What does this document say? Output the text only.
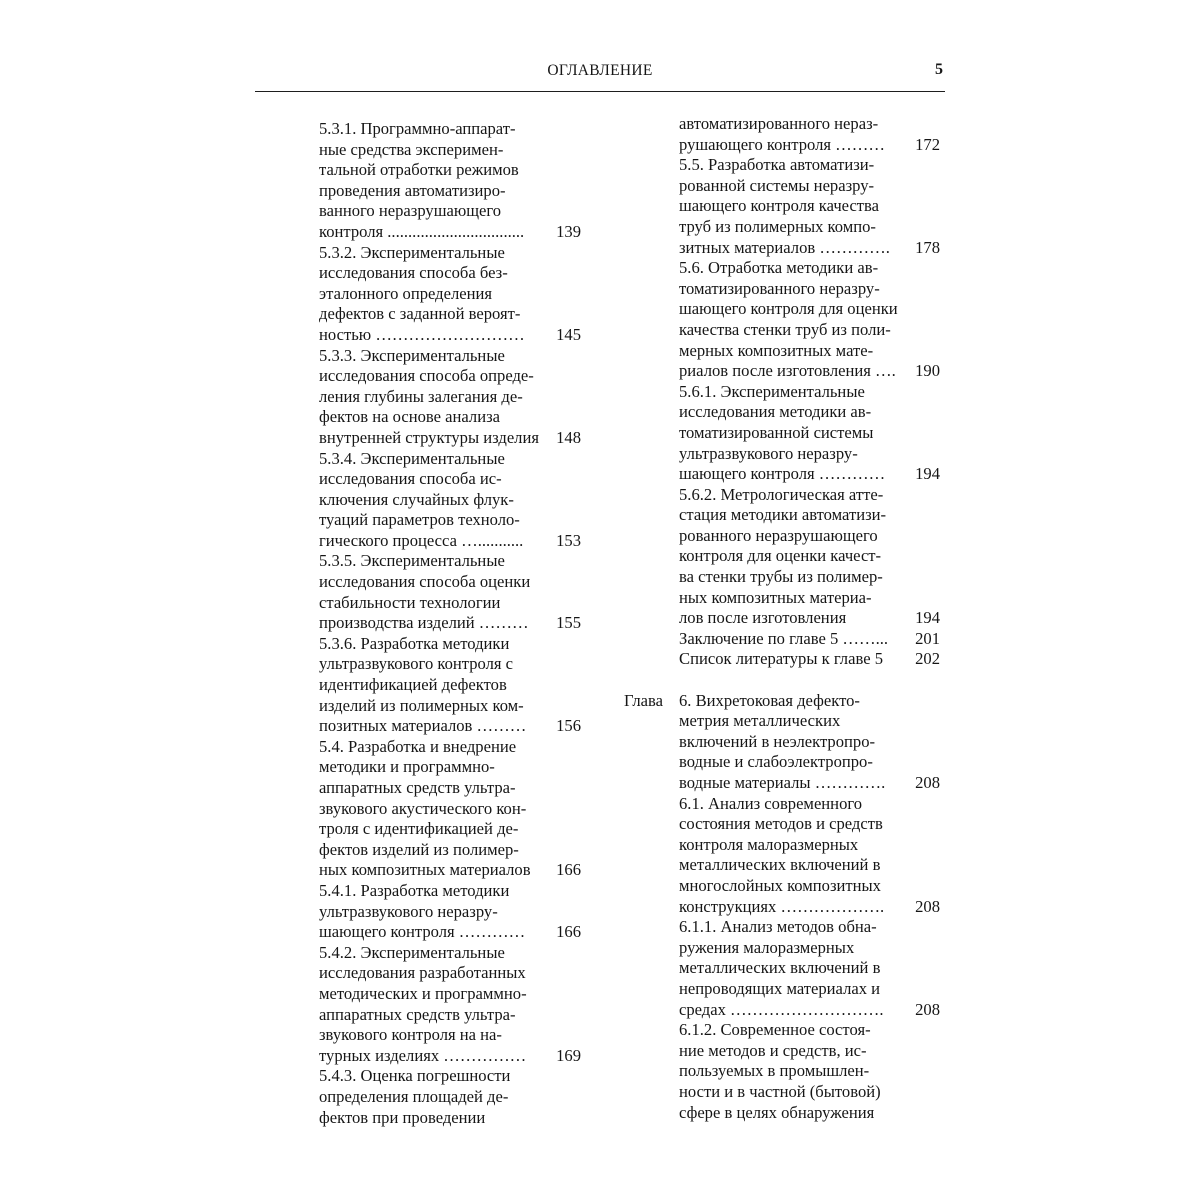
ОГЛАВЛЕНИЕ	5
5.3.1. Программно-аппарат-
ные средства эксперимен-
тальной отработки режимов
проведения автоматизиро-
ванного неразрушающего
контроля .................................	139
5.3.2. Экспериментальные
исследования способа без-
эталонного определения
дефектов с заданной вероят-
ностью ………………………	145
5.3.3. Экспериментальные
исследования способа опреде-
ления глубины залегания де-
фектов на основе анализа
внутренней структуры изделия	148
5.3.4. Экспериментальные
исследования способа ис-
ключения случайных флук-
туаций параметров техноло-
гического процесса …...........	153
5.3.5. Экспериментальные
исследования способа оценки
стабильности технологии
производства изделий ………	155
5.3.6. Разработка методики
ультразвукового контроля с
идентификацией дефектов
изделий из полимерных ком-
позитных материалов ………	156
5.4. Разработка и внедрение
методики и программно-
аппаратных средств ультра-
звукового акустического кон-
троля с идентификацией де-
фектов изделий из полимер-
ных композитных материалов	166
5.4.1. Разработка методики
ультразвукового неразру-
шающего контроля …………	166
5.4.2. Экспериментальные
исследования разработанных
методических и программно-
аппаратных средств ультра-
звукового контроля на на-
турных изделиях ……………	169
5.4.3. Оценка погрешности
определения площадей де-
фектов при проведении
автоматизированного нераз-
рушающего контроля ………	172
5.5. Разработка автоматизи-
рованной системы неразру-
шающего контроля качества
труб из полимерных компо-
зитных материалов ………….	178
5.6. Отработка методики ав-
томатизированного неразру-
шающего контроля для оценки
качества стенки труб из поли-
мерных композитных мате-
риалов после изготовления ….	190
5.6.1. Экспериментальные
исследования методики ав-
томатизированной системы
ультразвукового неразру-
шающего контроля …………	194
5.6.2. Метрологическая атте-
стация методики автоматизи-
рованного неразрушающего
контроля для оценки качест-
ва стенки трубы из полимер-
ных композитных материа-
лов после изготовления	194
Заключение по главе 5 ……...	201
Список литературы к главе 5	202
Глава 6. Вихретоковая дефекто-
метрия металлических
включений в неэлектропро-
водные и слабоэлектропро-
водные материалы ………….	208
6.1. Анализ современного
состояния методов и средств
контроля малоразмерных
металлических включений в
многослойных композитных
конструкциях ……………….	208
6.1.1. Анализ методов обна-
ружения малоразмерных
металлических включений в
непроводящих материалах и
средах ……………………….	208
6.1.2. Современное состоя-
ние методов и средств, ис-
пользуемых в промышлен-
ности и в частной (бытовой)
сфере в целях обнаружения
